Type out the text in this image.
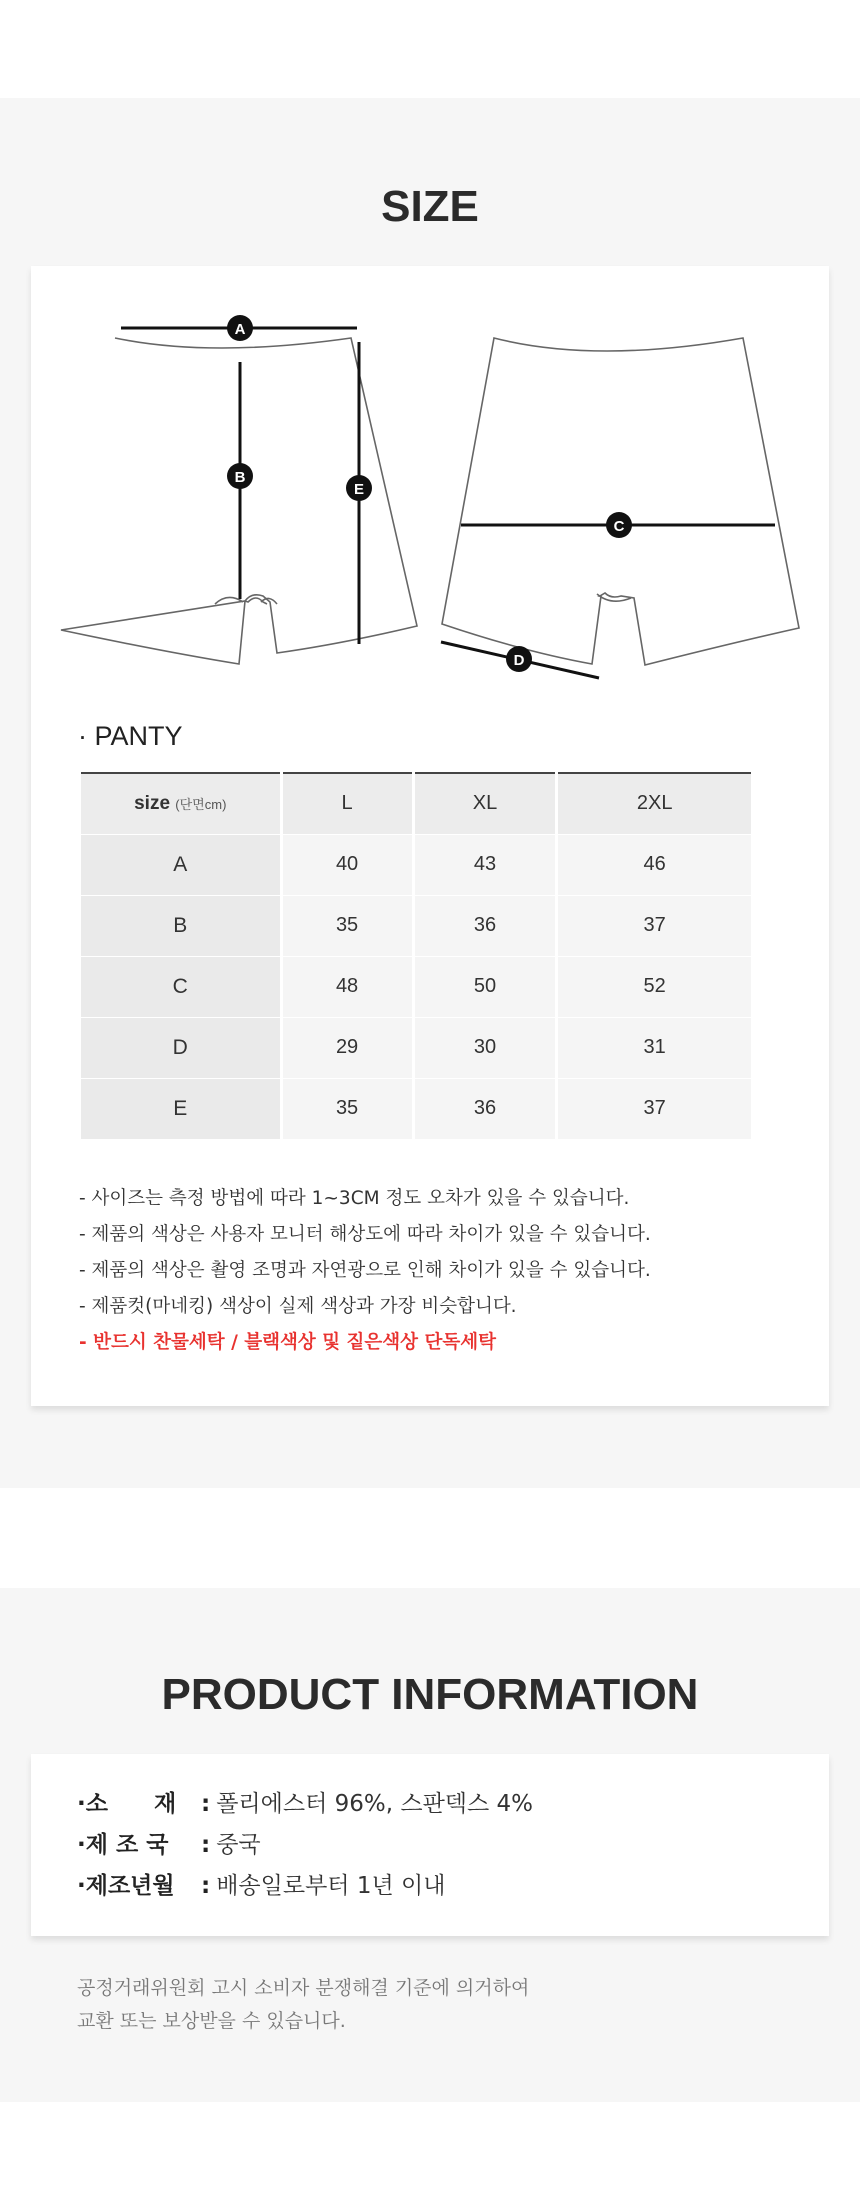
SIZE
A
B
E
C
D
· PANTY
size (단면cm)	L	XL	2XL
A	40	43	46
B	35	36	37
C	48	50	52
D	29	30	31
E	35	36	37
- 사이즈는 측정 방법에 따라 1~3CM 정도 오차가 있을 수 있습니다.
- 제품의 색상은 사용자 모니터 해상도에 따라 차이가 있을 수 있습니다.
- 제품의 색상은 촬영 조명과 자연광으로 인해 차이가 있을 수 있습니다.
- 제품컷(마네킹) 색상이 실제 색상과 가장 비슷합니다.
- 반드시 찬물세탁 / 블랙색상 및 짙은색상 단독세탁
PRODUCT INFORMATION
·소　　재 : 폴리에스터 96%, 스판덱스 4%
·제 조 국 : 중국
·제조년월 : 배송일로부터 1년 이내
공정거래위원회 고시 소비자 분쟁해결 기준에 의거하여
교환 또는 보상받을 수 있습니다.
